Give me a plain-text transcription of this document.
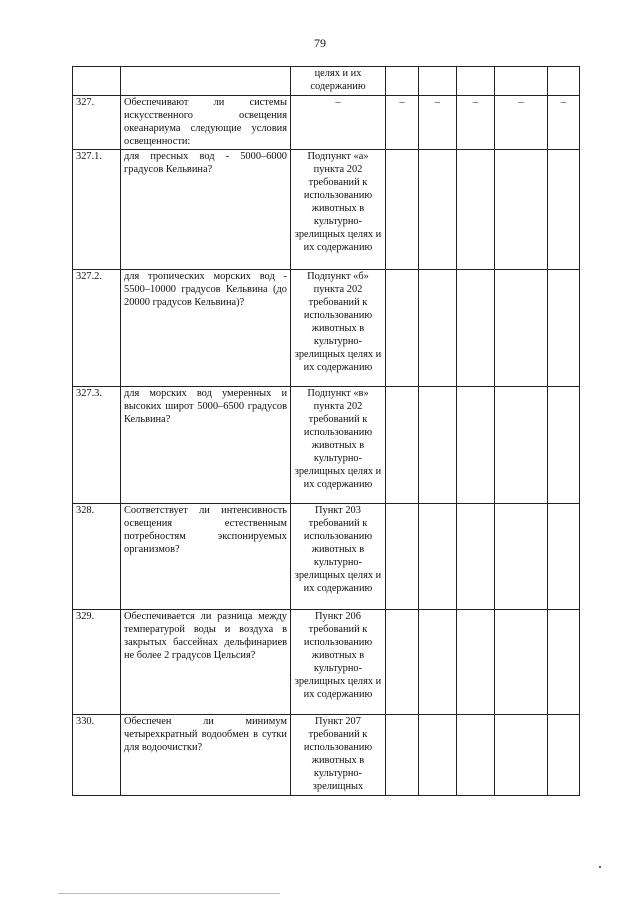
79
		целях и их содержанию					
327.	Обеспечивают ли системы искусственного освещения океанариума следующие условия освещенности:	–	–	–	–	–	–
327.1.	для пресных вод - 5000–6000 градусов Кельвина?	Подпункт «а» пункта 202 требований к использованию животных в культурно-зрелищных целях и их содержанию					
327.2.	для тропических морских вод - 5500–10000 градусов Кельвина (до 20000 градусов Кельвина)?	Подпункт «б» пункта 202 требований к использованию животных в культурно-зрелищных целях и их содержанию					
327.3.	для морских вод умеренных и высоких широт 5000–6500 градусов Кельвина?	Подпункт «в» пункта 202 требований к использованию животных в культурно-зрелищных целях и их содержанию					
328.	Соответствует ли интенсивность освещения естественным потребностям экспонируемых организмов?	Пункт 203 требований к использованию животных в культурно-зрелищных целях и их содержанию					
329.	Обеспечивается ли разница между температурой воды и воздуха в закрытых бассейнах дельфинариев не более 2 градусов Цельсия?	Пункт 206 требований к использованию животных в культурно-зрелищных целях и их содержанию					
330.	Обеспечен ли минимум четырехкратный водообмен в сутки для водоочистки?	Пункт 207 требований к использованию животных в культурно-зрелищных					
